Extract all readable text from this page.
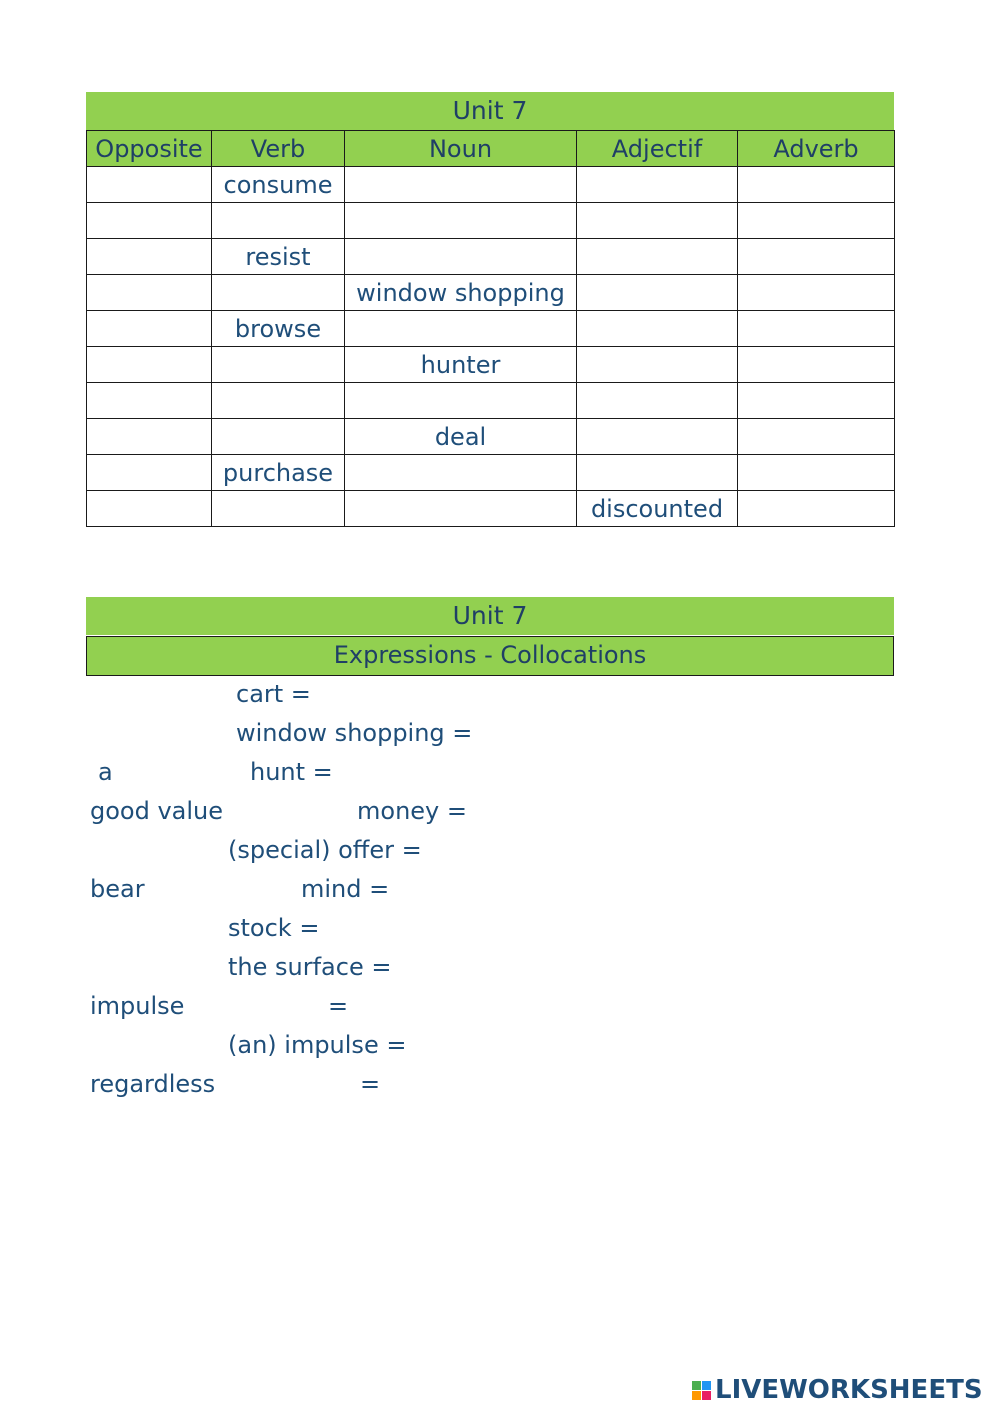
Unit 7
Opposite	Verb	Noun	Adjectif	Adverb
	consume			

	resist			
		window shopping		
	browse			
		hunter		

		deal		
	purchase			
			discounted	
Unit 7
Expressions - Collocations
cart =
window shopping =
a	hunt =
good value	money =
(special) offer =
bear	mind =
stock =
the surface =
impulse	=
(an) impulse =
regardless	=
LIVEWORKSHEETS
